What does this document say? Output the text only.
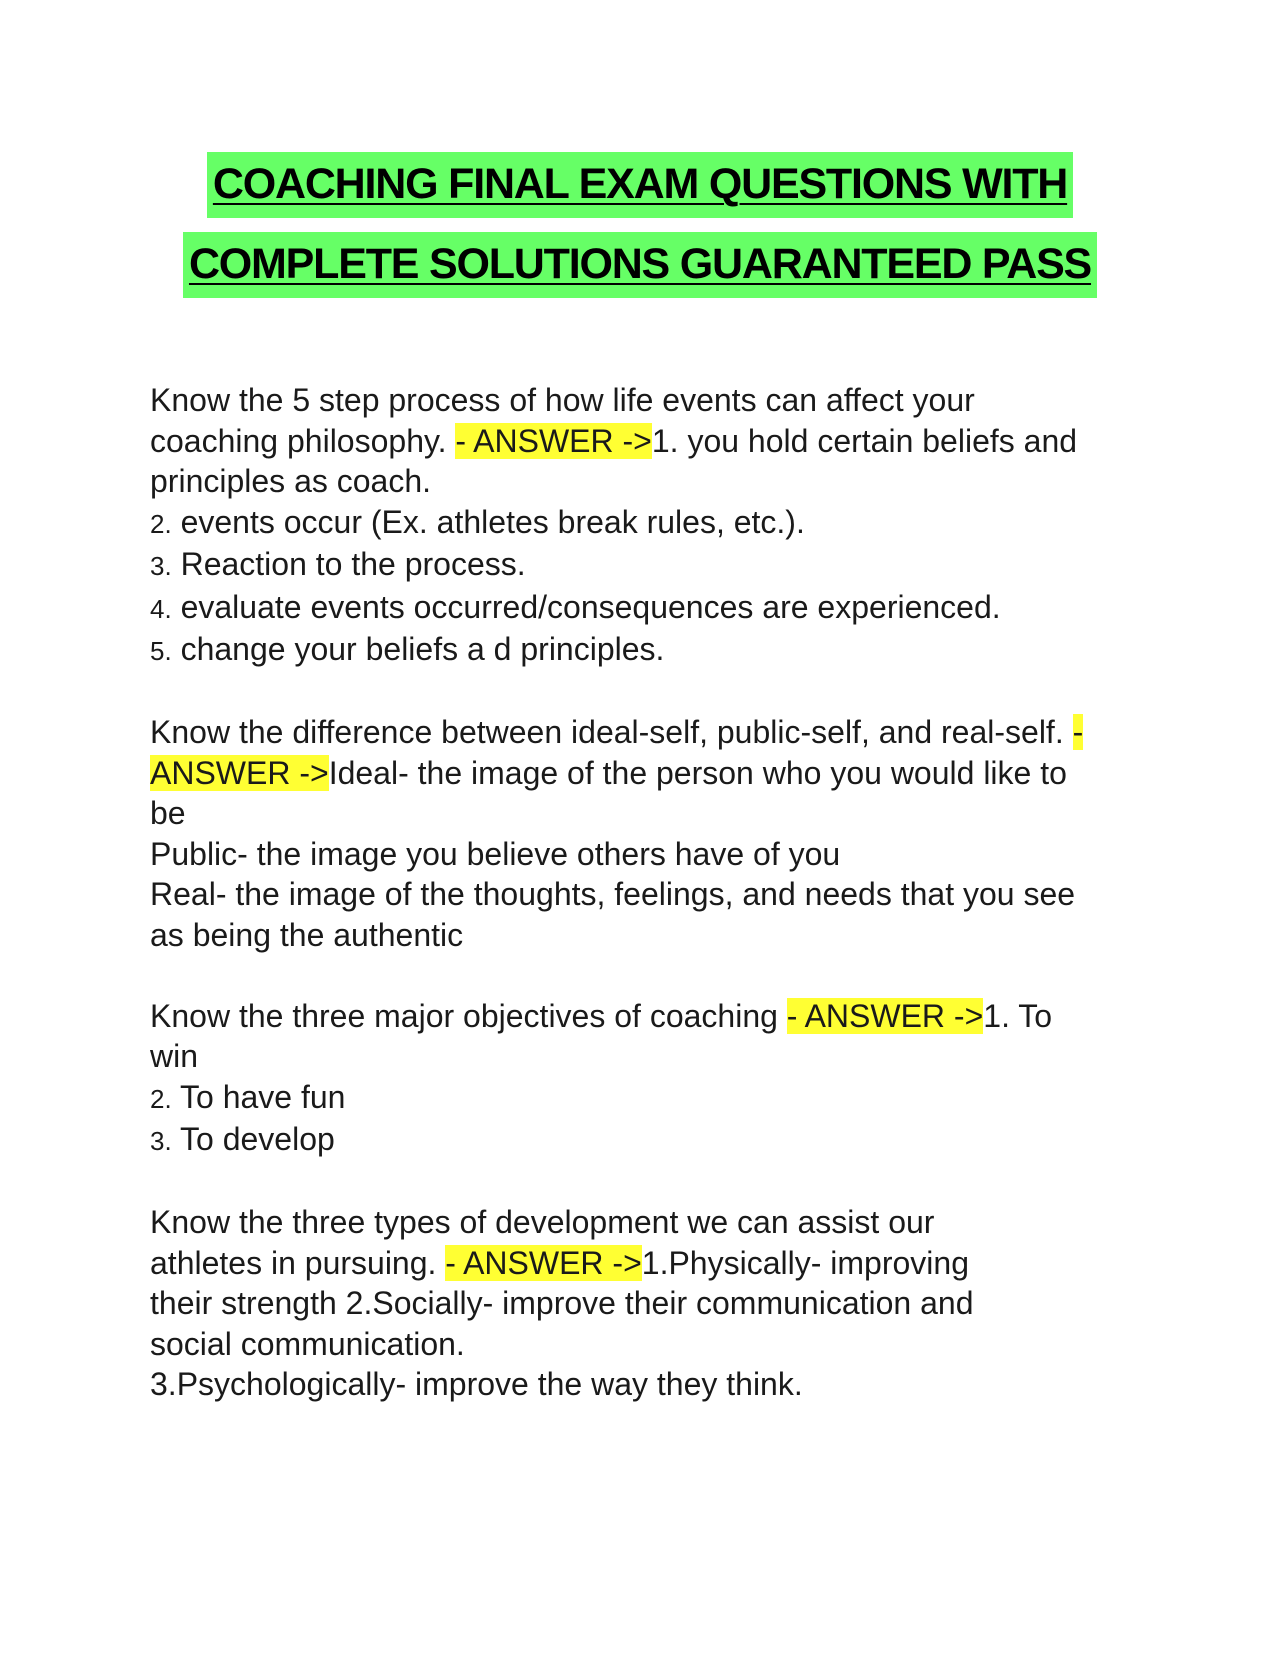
COACHING FINAL EXAM QUESTIONS WITH
COMPLETE SOLUTIONS GUARANTEED PASS

Know the 5 step process of how life events can affect your

coaching philosophy. - ANSWER ->1. you hold certain beliefs and

principles as coach.

2. events occur (Ex. athletes break rules, etc.).

3. Reaction to the process.

4. evaluate events occurred/consequences are experienced.

5. change your beliefs a d principles.

Know the difference between ideal-self, public-self, and real-self. -

ANSWER ->Ideal- the image of the person who you would like to

be

Public- the image you believe others have of you

Real- the image of the thoughts, feelings, and needs that you see

as being the authentic

Know the three major objectives of coaching - ANSWER ->1. To

win

2. To have fun

3. To develop

Know the three types of development we can assist our

athletes in pursuing. - ANSWER ->1.Physically- improving

their strength 2.Socially- improve their communication and

social communication.

3.Psychologically- improve the way they think.
